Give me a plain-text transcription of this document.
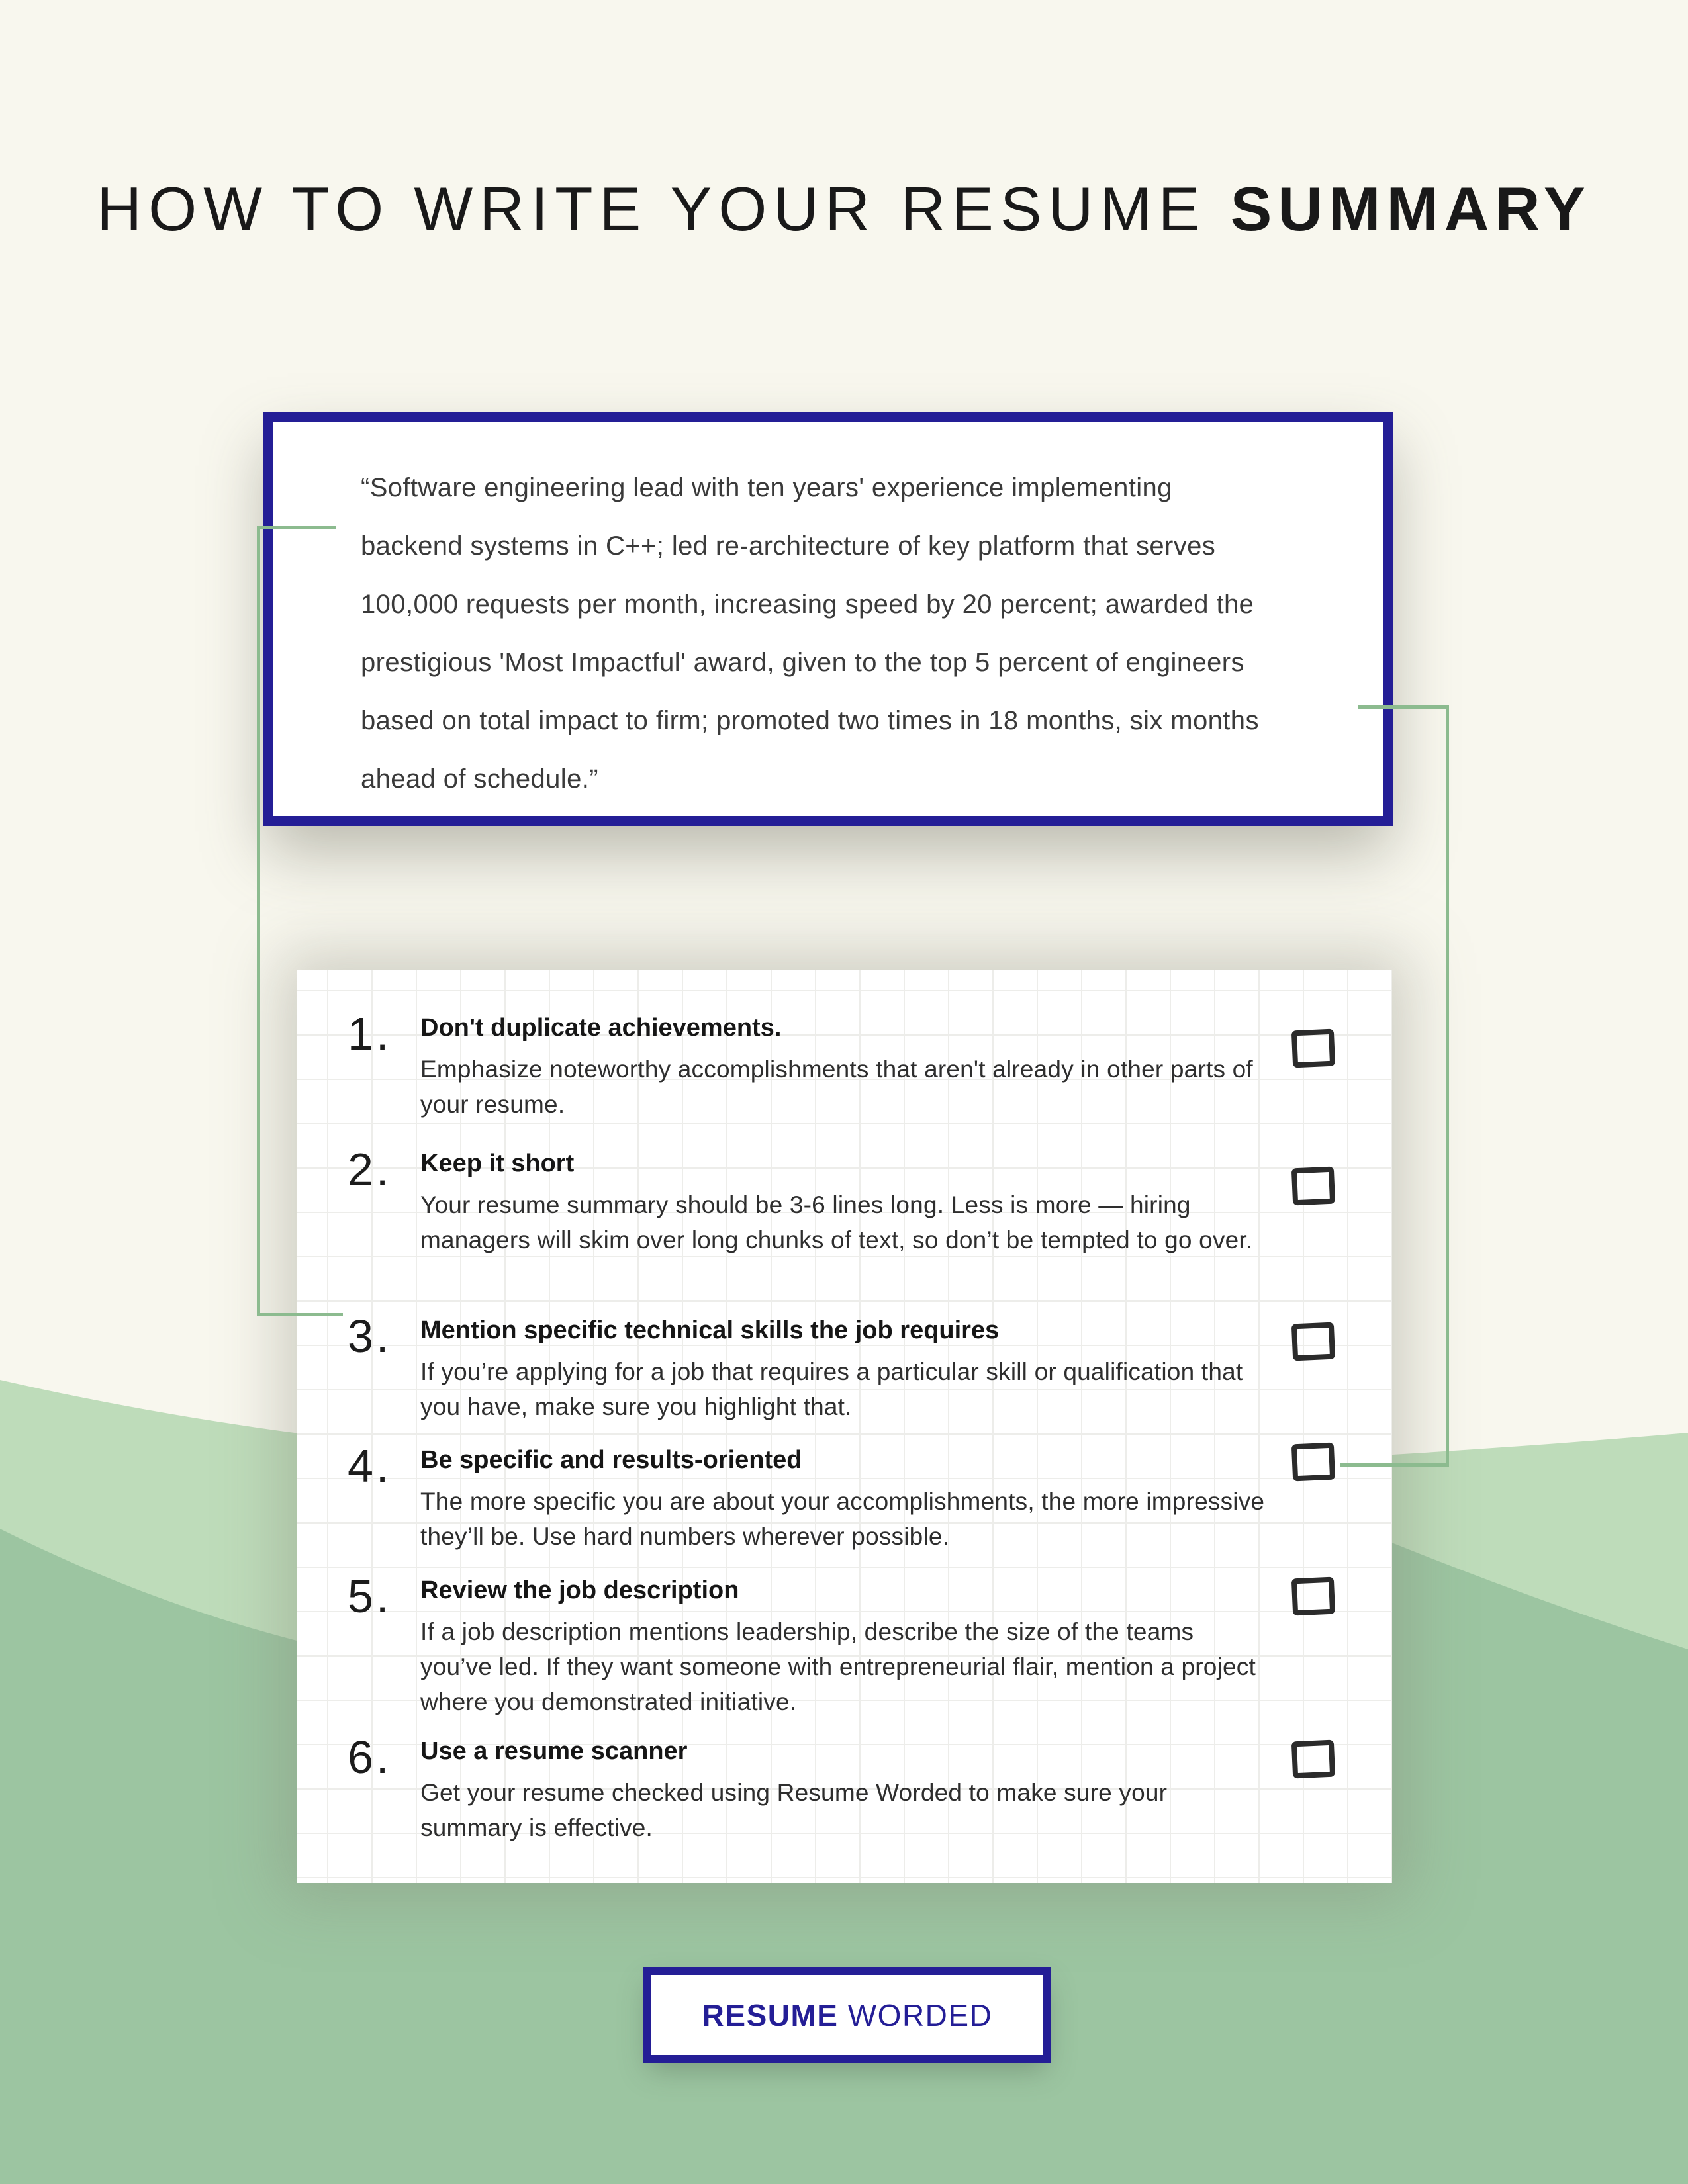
HOW TO WRITE YOUR RESUME SUMMARY
“Software engineering lead with ten years' experience implementing
backend systems in C++; led re-architecture of key platform that serves
100,000 requests per month, increasing speed by 20 percent; awarded the
prestigious 'Most Impactful' award, given to the top 5 percent of engineers
based on total impact to firm; promoted two times in 18 months, six months
ahead of schedule.”
1.	Don't duplicate achievements.
Emphasize noteworthy accomplishments that aren't already in other parts of your resume.
2.	Keep it short
Your resume summary should be 3-6 lines long. Less is more — hiring managers will skim over long chunks of text, so don’t be tempted to go over.
3.	Mention specific technical skills the job requires
If you’re applying for a job that requires a particular skill or qualification that you have, make sure you highlight that.
4.	Be specific and results-oriented
The more specific you are about your accomplishments, the more impressive they’ll be. Use hard numbers wherever possible.
5.	Review the job description
If a job description mentions leadership, describe the size of the teams you’ve led. If they want someone with entrepreneurial flair, mention a project where you demonstrated initiative.
6.	Use a resume scanner
Get your resume checked using Resume Worded to make sure your summary is effective.
RESUME WORDED
